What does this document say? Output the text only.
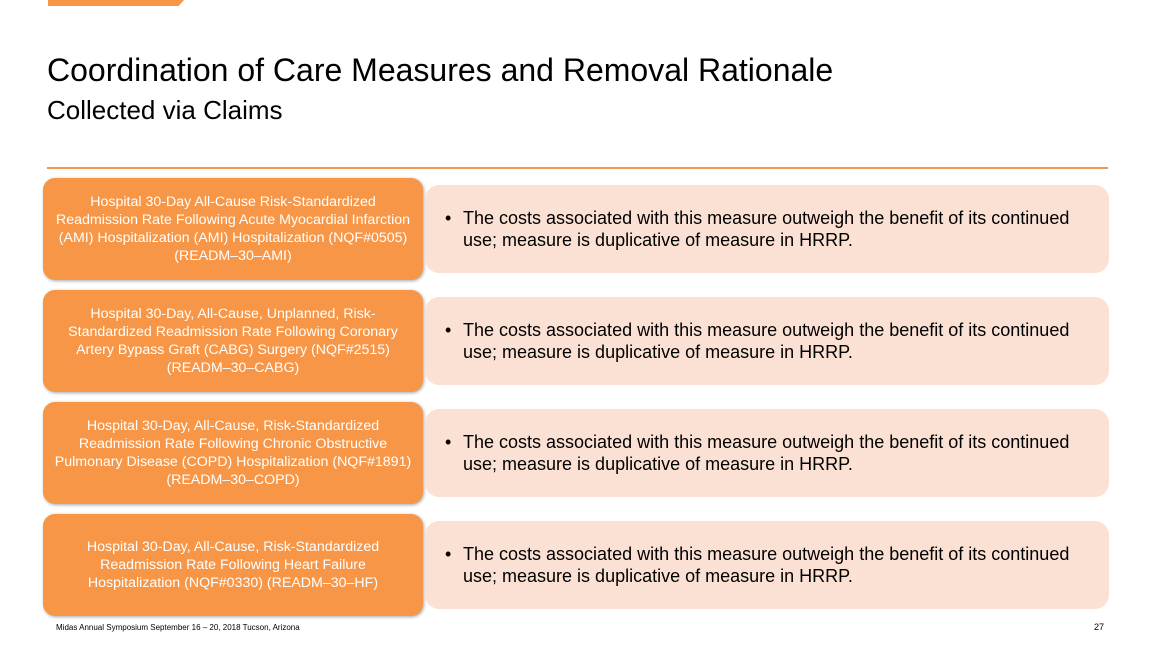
Coordination of Care Measures and Removal Rationale
Collected via Claims
Hospital 30-Day All-Cause Risk-Standardized Readmission Rate Following Acute Myocardial Infarction (AMI) Hospitalization (AMI) Hospitalization (NQF#0505) (READM–30–AMI)
• The costs associated with this measure outweigh the benefit of its continued use; measure is duplicative of measure in HRRP.
Hospital 30-Day, All-Cause, Unplanned, Risk-Standardized Readmission Rate Following Coronary Artery Bypass Graft (CABG) Surgery (NQF#2515) (READM–30–CABG)
• The costs associated with this measure outweigh the benefit of its continued use; measure is duplicative of measure in HRRP.
Hospital 30-Day, All-Cause, Risk-Standardized Readmission Rate Following Chronic Obstructive Pulmonary Disease (COPD) Hospitalization (NQF#1891) (READM–30–COPD)
• The costs associated with this measure outweigh the benefit of its continued use; measure is duplicative of measure in HRRP.
Hospital 30-Day, All-Cause, Risk-Standardized Readmission Rate Following Heart Failure Hospitalization (NQF#0330) (READM–30–HF)
• The costs associated with this measure outweigh the benefit of its continued use; measure is duplicative of measure in HRRP.
Midas Annual Symposium September 16 – 20, 2018 Tucson, Arizona	27
